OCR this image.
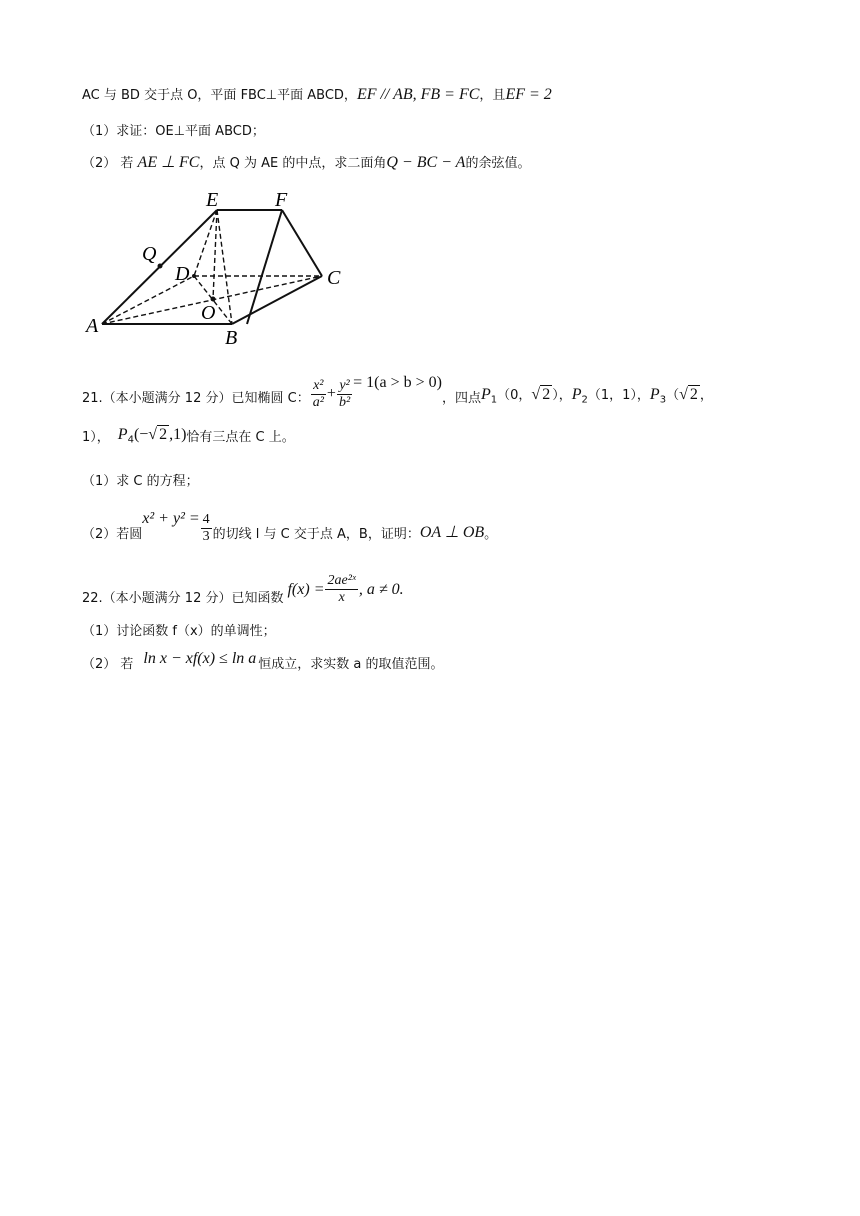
AC 与 BD 交于点 O，平面 FBC⊥平面 ABCD，EF // AB, FB = FC，且EF = 2
（1）求证：OE⊥平面 ABCD；
（2） 若 AE ⊥ FC，点 Q 为 AE 的中点，求二面角Q − BC − A的余弦值。
E	F
Q
D	C
O
A
B
21.（本小题满分 12 分）已知椭圆 C： $\frac{\text{x²}}{\text{a²}} + \frac{\text{y²}}{\text{b²}} = 1(a > b > 0)$
，四点 $P_1(0$，√ 2 ）， $P_2(1$，1）， $P_3(√$ 2 ，
1）， $P_4(-√$ 2 ,1) 恰有三点在 C 上。
（1）求 C 的方程；
（2）若圆
$x^2 + y^2 = \frac{4}{3}$ 的切线 l 与 C 交于点 A，B，证明： OA ⊥ OB 。
22.（本小题满分 12 分）已知函数
$f(x) = \frac{\text{2ae²ˣ}}{x}$ , a ≠ 0.
（1）讨论函数 f（x）的单调性；
（2） 若 ln x − xf(x) ≤ ln a 恒成立，求实数 a 的取值范围。
